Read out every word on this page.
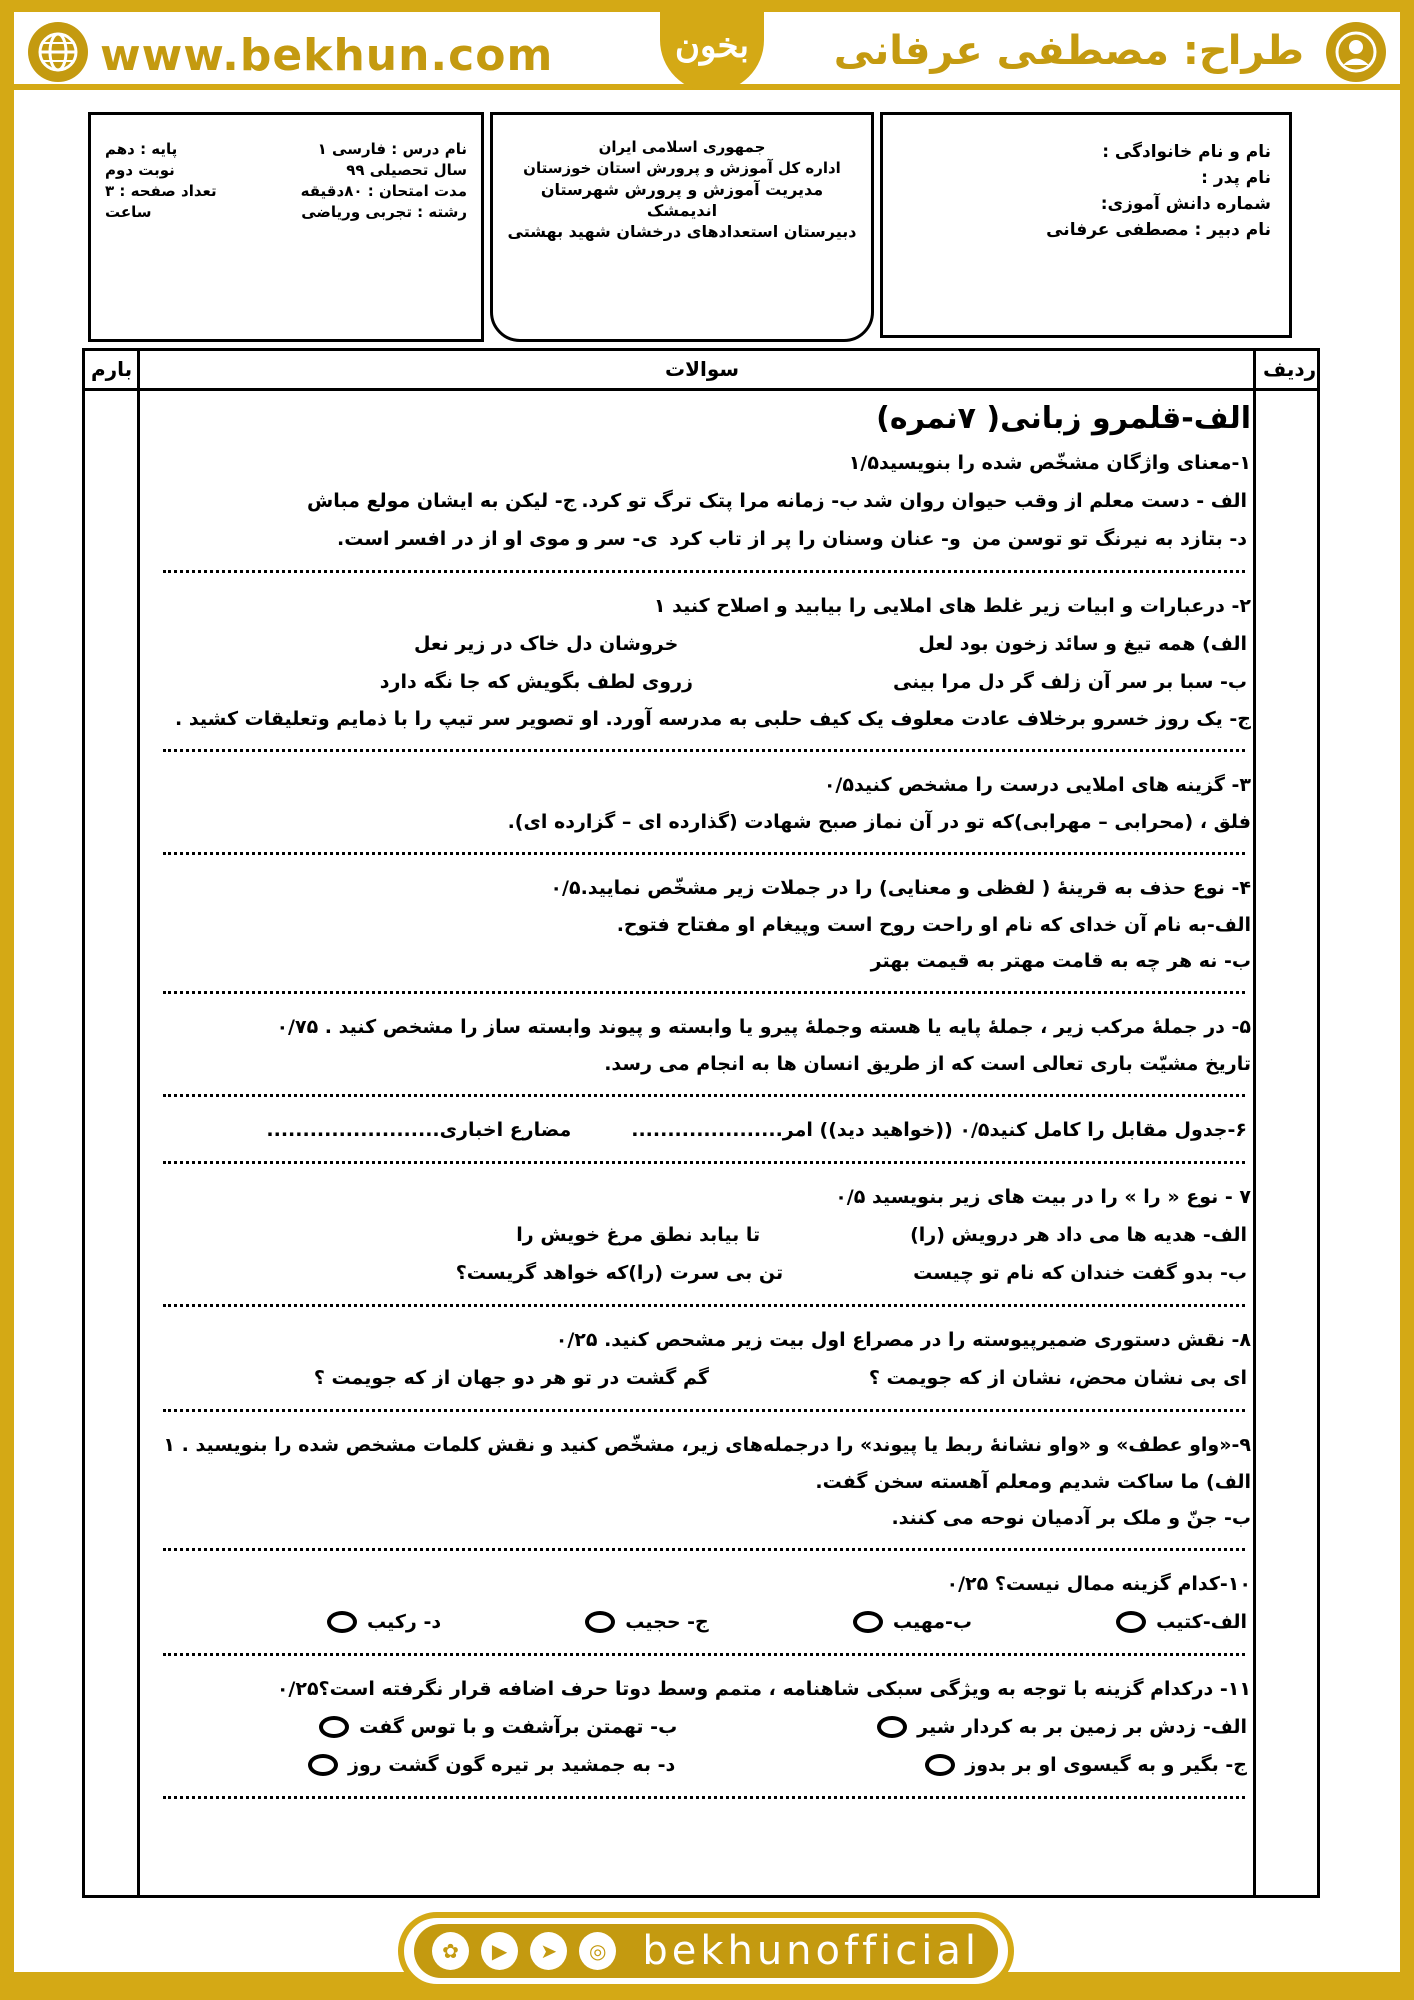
www.bekhun.com	طراح: مصطفی عرفانی
بخون
نام و نام خانوادگی :
نام پدر :
شماره دانش آموزی:
نام دبیر : مصطفی عرفانی
جمهوری اسلامی ایران
اداره کل آموزش و پرورش استان خوزستان
مدیریت آموزش و پرورش شهرستان
اندیمشک
دبیرستان استعدادهای درخشان شهید بهشتی
نام درس : فارسی ۱
پایه : دهم
سال تحصیلی ۹۹
نوبت دوم
مدت امتحان : ۸۰دقیقه
تعداد صفحه : ۳
رشته : تجربی وریاضی
ساعت
بارم	سوالات	ردیف
الف-قلمرو زبانی( ۷نمره)
۱-معنای واژگان مشخّص شده را بنویسید۱/۵
الف - دست معلم از وقب حیوان روان شد
ب- زمانه مرا پتک ترگ تو کرد.
ج- لیکن به ایشان مولع مباش
د- بتازد به نیرنگ تو توسن من
و- عنان وسنان را پر از تاب کرد
ی- سر و موی او از در افسر است.
۲- درعبارات و ابیات زیر غلط های املایی را بیابید و اصلاح کنید ۱
الف) همه تیغ و سائد زخون بود لعل
خروشان دل خاک در زیر نعل
ب- سبا بر سر آن زلف گر دل مرا بینی
زروی لطف بگویش که جا نگه دارد
ج- یک روز خسرو برخلاف عادت معلوف یک کیف حلبی به مدرسه آورد. او تصویر سر تیپ را با ذمایم وتعلیقات کشید .
۳- گزینه های املایی درست را مشخص کنید۰/۵
فلق ، (محرابی – مهرابی)که تو در آن نماز صبح شهادت (گذارده ای – گزارده ای).
۴- نوع حذف به قرینۀ ( لفظی و معنایی) را در جملات زیر مشخّص نمایید.۰/۵
الف-به نام آن خدای که نام او راحت روح است وپیغام او مفتاح فتوح.
ب- نه هر چه به قامت مهتر به قیمت بهتر
۵- در جملۀ مرکب زیر ، جملۀ پایه یا هسته وجملۀ پیرو یا وابسته و پیوند وابسته ساز را مشخص کنید . ۰/۷۵
تاریخ مشیّت باری تعالی است که از طریق انسان ها به انجام می رسد.
۶-جدول مقابل را کامل کنید۰/۵ ((خواهید دید)) امر.....................
مضارع اخباری........................
۷ - نوع « را » را در بیت های زیر بنویسید ۰/۵
الف- هدیه ها می داد هر درویش (را)
تا بیابد نطق مرغ خویش را
ب- بدو گفت خندان که نام تو چیست
تن بی سرت (را)که خواهد گریست؟
۸- نقش دستوری ضمیرپیوسته را در مصراع اول بیت زیر مشحص کنید. ۰/۲۵
ای بی نشان محض، نشان از که جویمت ؟
گم گشت در تو هر دو جهان از که جویمت ؟
۹-«واو عطف» و «واو نشانۀ ربط یا پیوند» را درجمله‌های زیر، مشخّص کنید و نقش کلمات مشخص شده را بنویسید . ۱
الف) ما ساکت شدیم ومعلم آهسته سخن گفت.
ب- جنّ و ملک بر آدمیان نوحه می کنند.
۱۰-کدام گزینه ممال نیست؟ ۰/۲۵
الف-کتیب
ب-مهیب
ج- حجیب
د- رکیب
۱۱- درکدام گزینه با توجه به ویژگی سبکی شاهنامه ، متمم وسط دوتا حرف اضافه قرار نگرفته است؟۰/۲۵
الف- زدش بر زمین بر به کردار شیر
ب- تهمتن برآشفت و با توس گفت
ج- بگیر و به گیسوی او بر بدوز
د- به جمشید بر تیره گون گشت روز
✿	▶	➤	◎ bekhunofficial
